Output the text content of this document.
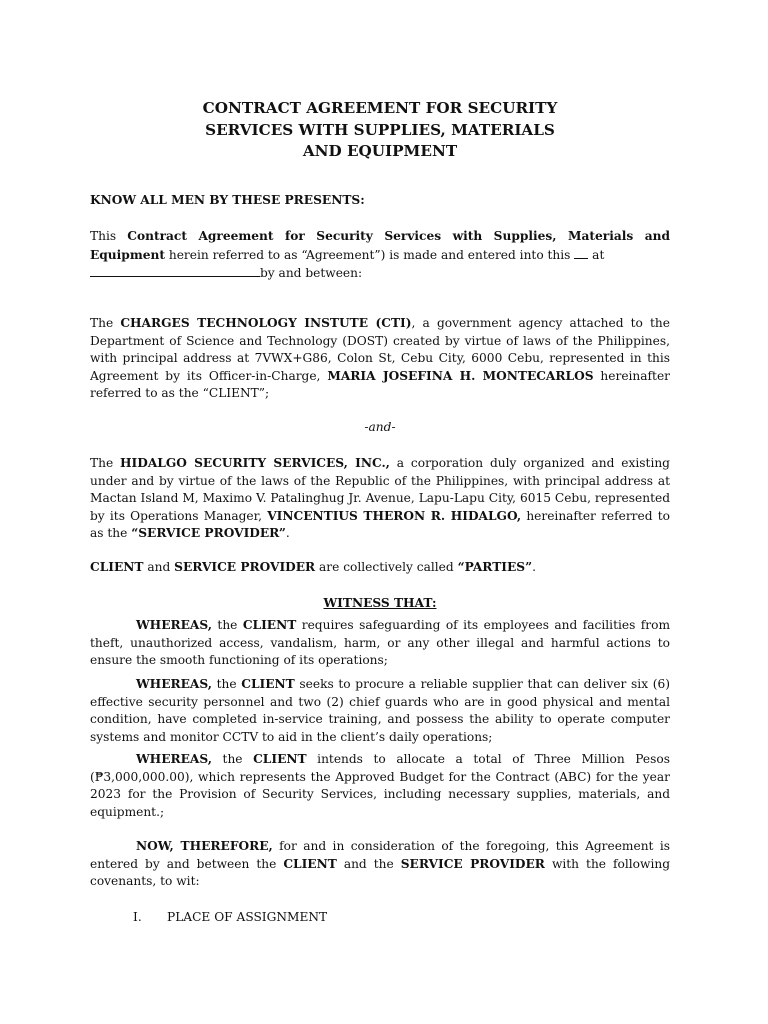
CONTRACT AGREEMENT FOR SECURITY
SERVICES WITH SUPPLIES, MATERIALS
AND EQUIPMENT
KNOW ALL MEN BY THESE PRESENTS:
This Contract Agreement for Security Services with Supplies, Materials and Equipment herein referred to as “Agreement”) is made and entered into this  at
by and between:
The CHARGES TECHNOLOGY INSTUTE (CTI), a government agency attached to the Department of Science and Technology (DOST) created by virtue of laws of the Philippines, with principal address at 7VWX+G86, Colon St, Cebu City, 6000 Cebu, represented in this Agreement by its Officer-in-Charge, MARIA JOSEFINA H. MONTECARLOS hereinafter referred to as the “CLIENT”;
-and-
The HIDALGO SECURITY SERVICES, INC., a corporation duly organized and existing under and by virtue of the laws of the Republic of the Philippines, with principal address at Mactan Island M, Maximo V. Patalinghug Jr. Avenue, Lapu-Lapu City, 6015 Cebu, represented by its Operations Manager, VINCENTIUS THERON R. HIDALGO, hereinafter referred to as the “SERVICE PROVIDER”.
CLIENT and SERVICE PROVIDER are collectively called “PARTIES”.
WITNESS THAT:
WHEREAS, the CLIENT requires safeguarding of its employees and facilities from theft, unauthorized access, vandalism, harm, or any other illegal and harmful actions to ensure the smooth functioning of its operations;
WHEREAS, the CLIENT seeks to procure a reliable supplier that can deliver six (6) effective security personnel and two (2) chief guards who are in good physical and mental condition, have completed in-service training, and possess the ability to operate computer systems and monitor CCTV to aid in the client’s daily operations;
WHEREAS, the CLIENT intends to allocate a total of Three Million Pesos (₱3,000,000.00), which represents the Approved Budget for the Contract (ABC) for the year 2023 for the Provision of Security Services, including necessary supplies, materials, and equipment.;
NOW, THEREFORE, for and in consideration of the foregoing, this Agreement is entered by and between the CLIENT and the SERVICE PROVIDER with the following covenants, to wit:
I. PLACE OF ASSIGNMENT
